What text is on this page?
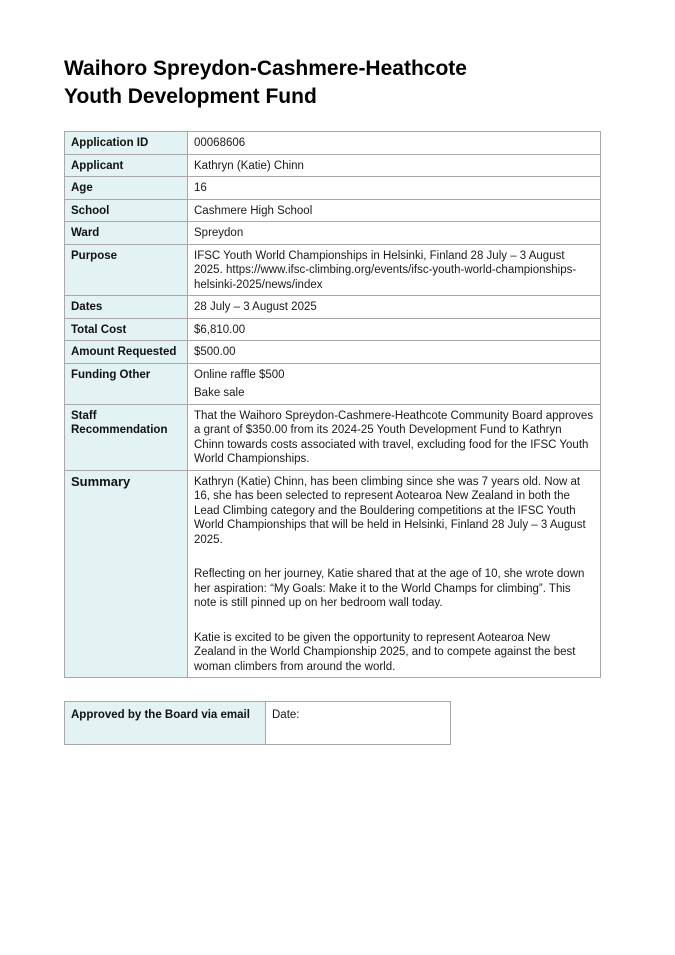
Waihoro Spreydon-Cashmere-Heathcote
Youth Development Fund
Application ID	00068606
Applicant	Kathryn (Katie) Chinn
Age	16
School	Cashmere High School
Ward	Spreydon
Purpose	IFSC Youth World Championships in Helsinki, Finland 28 July – 3 August 2025. https://www.ifsc-climbing.org/events/ifsc-youth-world-championships-helsinki-2025/news/index
Dates	28 July – 3 August 2025
Total Cost	$6,810.00
Amount Requested	$500.00
Funding Other	Online raffle $500
Bake sale

Staff Recommendation	That the Waihoro Spreydon-Cashmere-Heathcote Community Board approves a grant of $350.00 from its 2024-25 Youth Development Fund to Kathryn Chinn towards costs associated with travel, excluding food for the IFSC Youth World Championships.
Summary	Kathryn (Katie) Chinn, has been climbing since she was 7 years old. Now at 16, she has been selected to represent Aotearoa New Zealand in both the Lead Climbing category and the Bouldering competitions at the IFSC Youth World Championships that will be held in Helsinki, Finland 28 July – 3 August 2025.
Reflecting on her journey, Katie shared that at the age of 10, she wrote down her aspiration: “My Goals: Make it to the World Champs for climbing”. This note is still pinned up on her bedroom wall today.
Katie is excited to be given the opportunity to represent Aotearoa New Zealand in the World Championship 2025, and to compete against the best woman climbers from around the world.
Approved by the Board via email	Date:
